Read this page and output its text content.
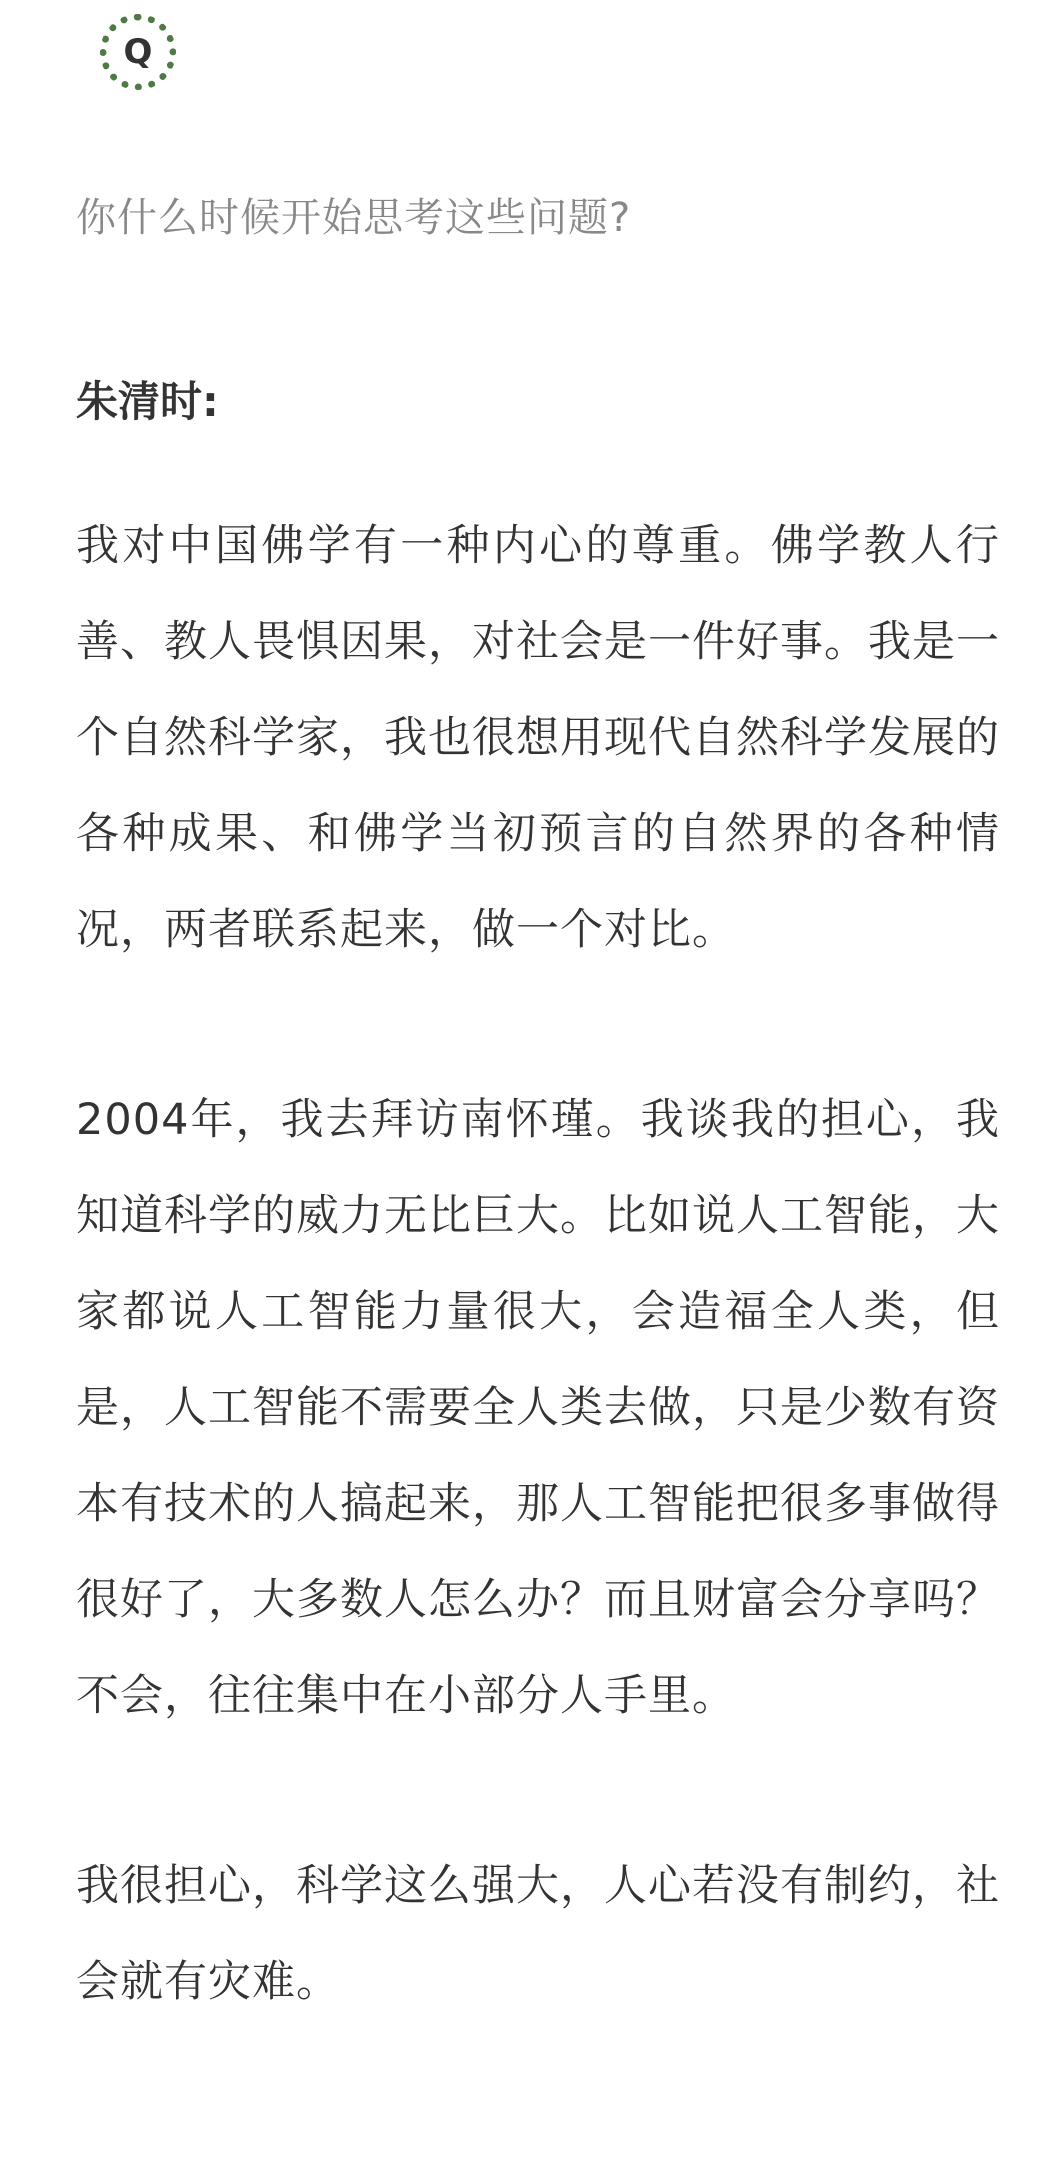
Q
你什么时候开始思考这些问题?
朱清时:

我对中国佛学有一种内心的尊重。佛学教人行善、教人畏惧因果，对社会是一件好事。我是一个自然科学家，我也很想用现代自然科学发展的各种成果、和佛学当初预言的自然界的各种情况，两者联系起来，做一个对比。

2004年，我去拜访南怀瑾。我谈我的担心，我知道科学的威力无比巨大。比如说人工智能，大家都说人工智能力量很大，会造福全人类，但是，人工智能不需要全人类去做，只是少数有资本有技术的人搞起来，那人工智能把很多事做得很好了，大多数人怎么办？而且财富会分享吗？不会，往往集中在小部分人手里。

我很担心，科学这么强大，人心若没有制约，社会就有灾难。
